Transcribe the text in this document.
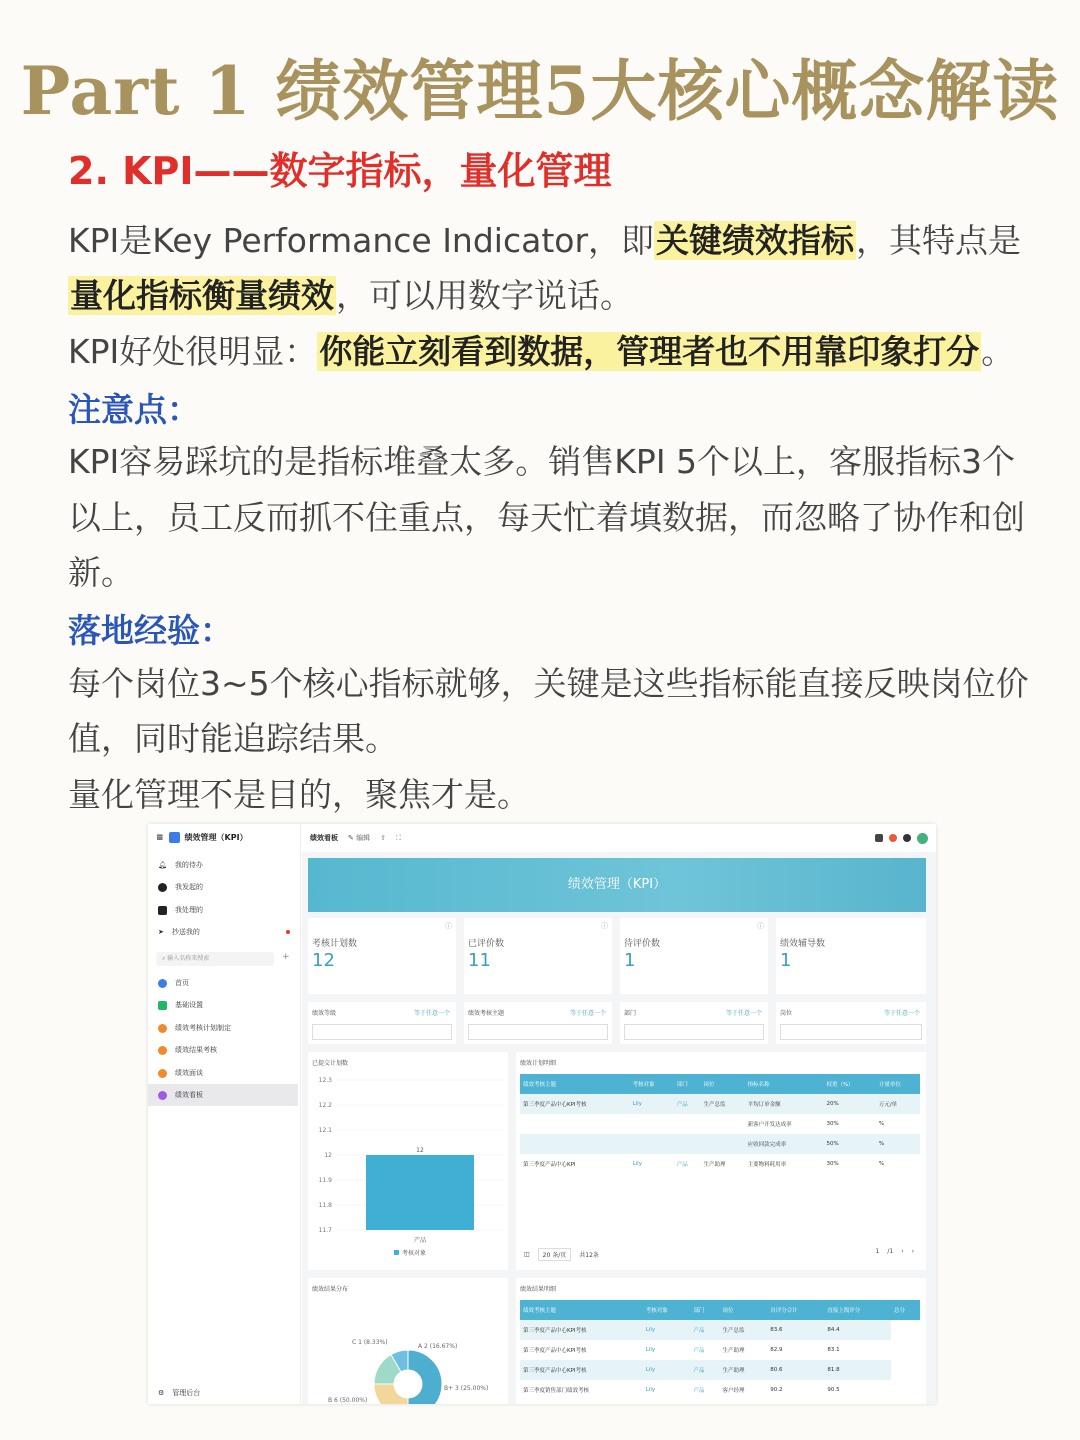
Part 1 绩效管理5大核心概念解读
2. KPI——数字指标，量化管理
KPI是Key Performance Indicator，即关键绩效指标，其特点是
量化指标衡量绩效，可以用数字说话。
KPI好处很明显：你能立刻看到数据，管理者也不用靠印象打分。
注意点：
KPI容易踩坑的是指标堆叠太多。销售KPI 5个以上，客服指标3个
以上，员工反而抓不住重点，每天忙着填数据，而忽略了协作和创
新。
落地经验：
每个岗位3~5个核心指标就够，关键是这些指标能直接反映岗位价
值，同时能追踪结果。
量化管理不是目的，聚焦才是。
≡	绩效管理（KPI）
🔔︎ 我的待办
我发起的
我处理的
➤ 抄送我的
⌕ 输入名称来搜索	+
首页
基础设置
绩效考核计划制定
绩效结果考核
绩效面谈
绩效看板
⚙ 管理后台
绩效看板 ✎ 编辑 ⇪ ⛶
绩效管理（KPI）
ⓘ
考核计划数
12
ⓘ
已评价数
11
ⓘ
待评价数
1
绩效辅导数
1
绩效等级	等于任意一个	绩效考核主题	等于任意一个	部门	等于任意一个	岗位	等于任意一个
已提交计划数
12.3
12.2
12.1
12
11.9
11.8
11.7
12
产品
考核对象
绩效计划明细
绩效考核主题	考核对象	部门	岗位	指标名称	权重（%）	计量单位
第三季度产品中心KPI考核	Lily	产品	生产总监	平均订单金额	20%	万元/单
				新客户开发达成率	30%	%
				应收回款完成率	50%	%
第三季度产品中心KPI	Lily	产品	生产助理	主要物料耗用率	30%	%
◫	20 条/页	共12条
1 /1 ‹ ›
绩效结果分布
B 6 (50.00%)
B+ 3 (25.00%)
A 2 (16.67%)
C 1 (8.33%)
绩效结果明细
绩效考核主题	考核对象	部门	岗位	自评分合计	直接上级评分	总分
第三季度产品中心KPI考核	Lily	产品	生产总监	83.6	84.4	
第三季度产品中心KPI考核	Lily	产品	生产助理	82.9	83.1	
第三季度产品中心KPI考核	Lily	产品	生产助理	80.6	81.8	
第三季度销售部门绩效考核	Lily	产品	客户经理	90.2	90.5	
